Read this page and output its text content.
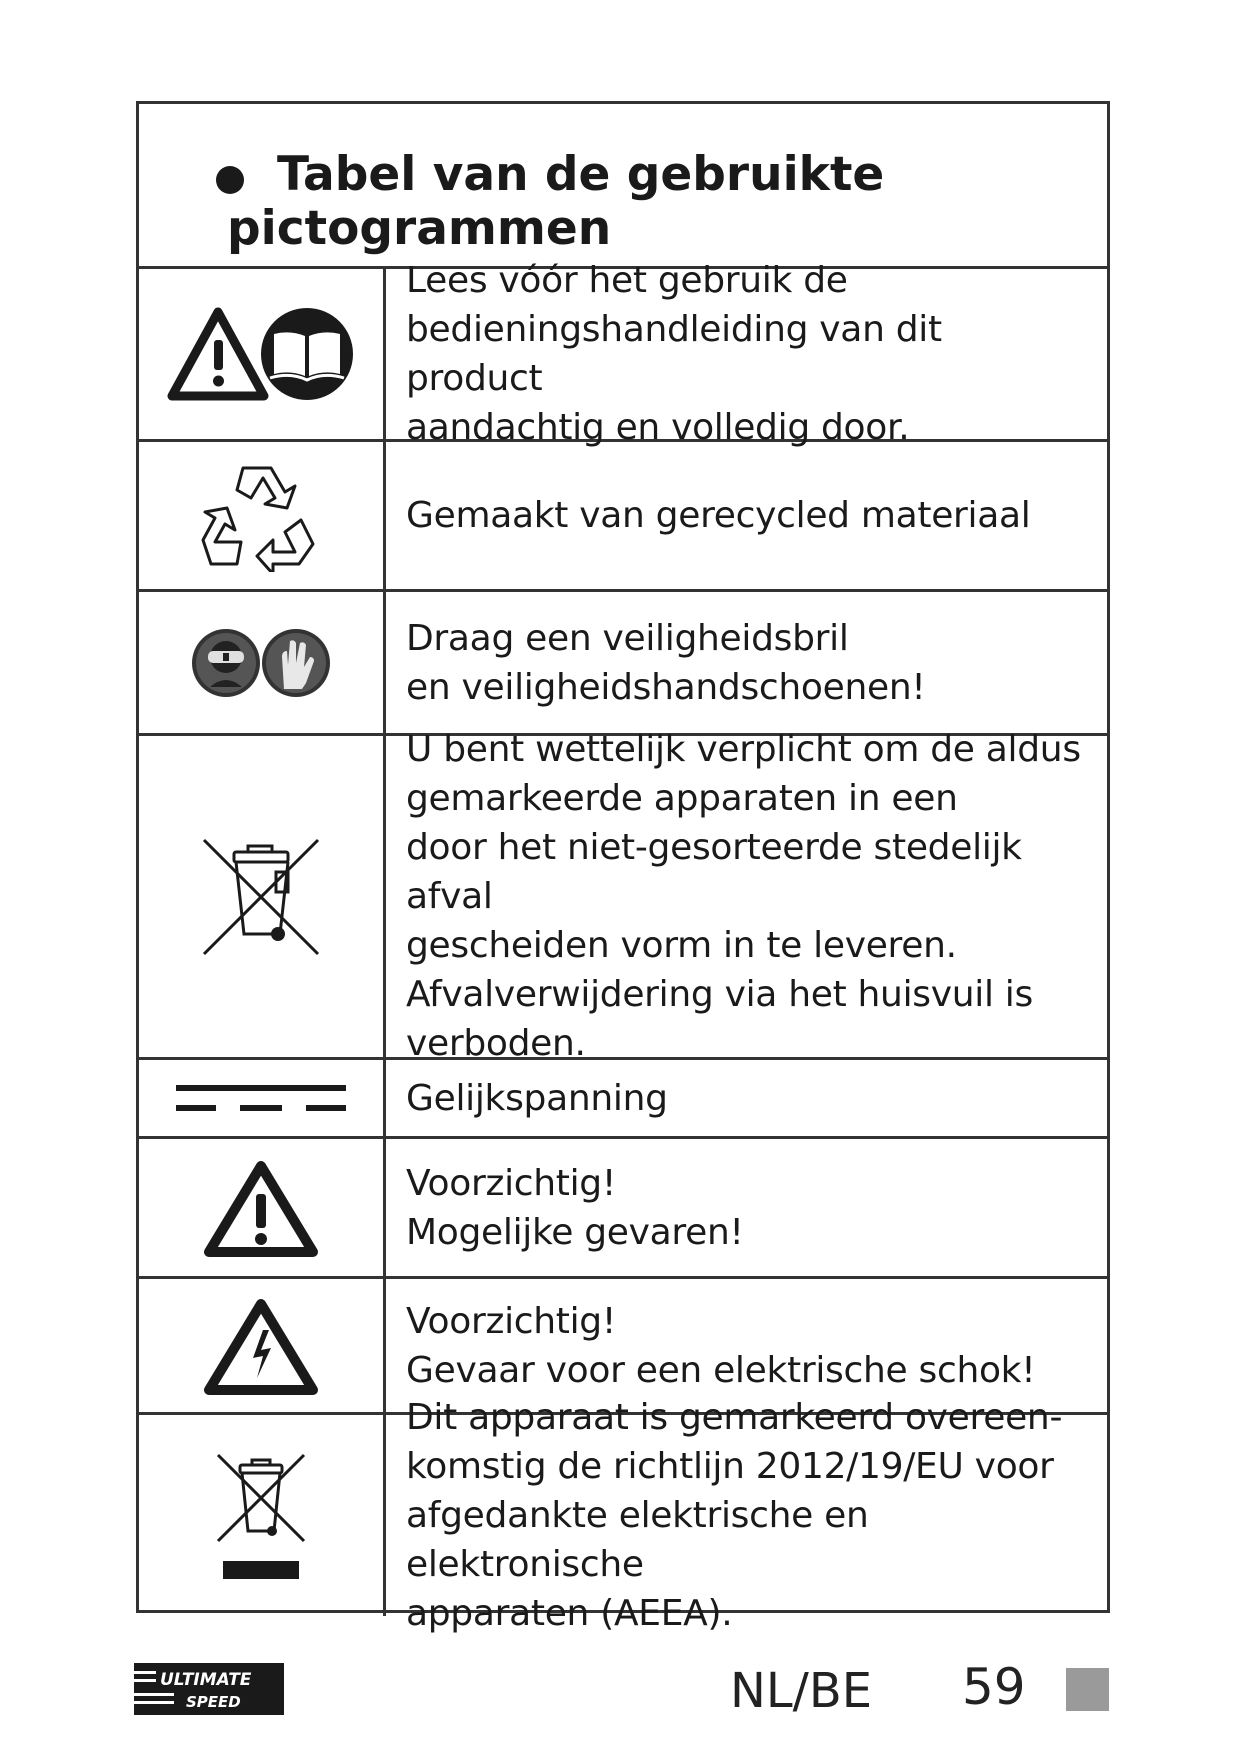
Tabel van de gebruikte pictogrammen
Lees vóór het gebruik de
bedieningshandleiding van dit product
aandachtig en volledig door.
Gemaakt van gerecycled materiaal
Draag een veiligheidsbril
en veiligheidshandschoenen!
U bent wettelijk verplicht om de aldus
gemarkeerde apparaten in een
door het niet-gesorteerde stedelijk afval
gescheiden vorm in te leveren.
Afvalverwijdering via het huisvuil is
verboden.
Gelijkspanning
Voorzichtig!
Mogelijke gevaren!
Voorzichtig!
Gevaar voor een elektrische schok!
Dit apparaat is gemarkeerd overeen-
komstig de richtlijn 2012/19/EU voor
afgedankte elektrische en elektronische
apparaten (AEEA).
ULTIMATE
SPEED	NL/BE 59
